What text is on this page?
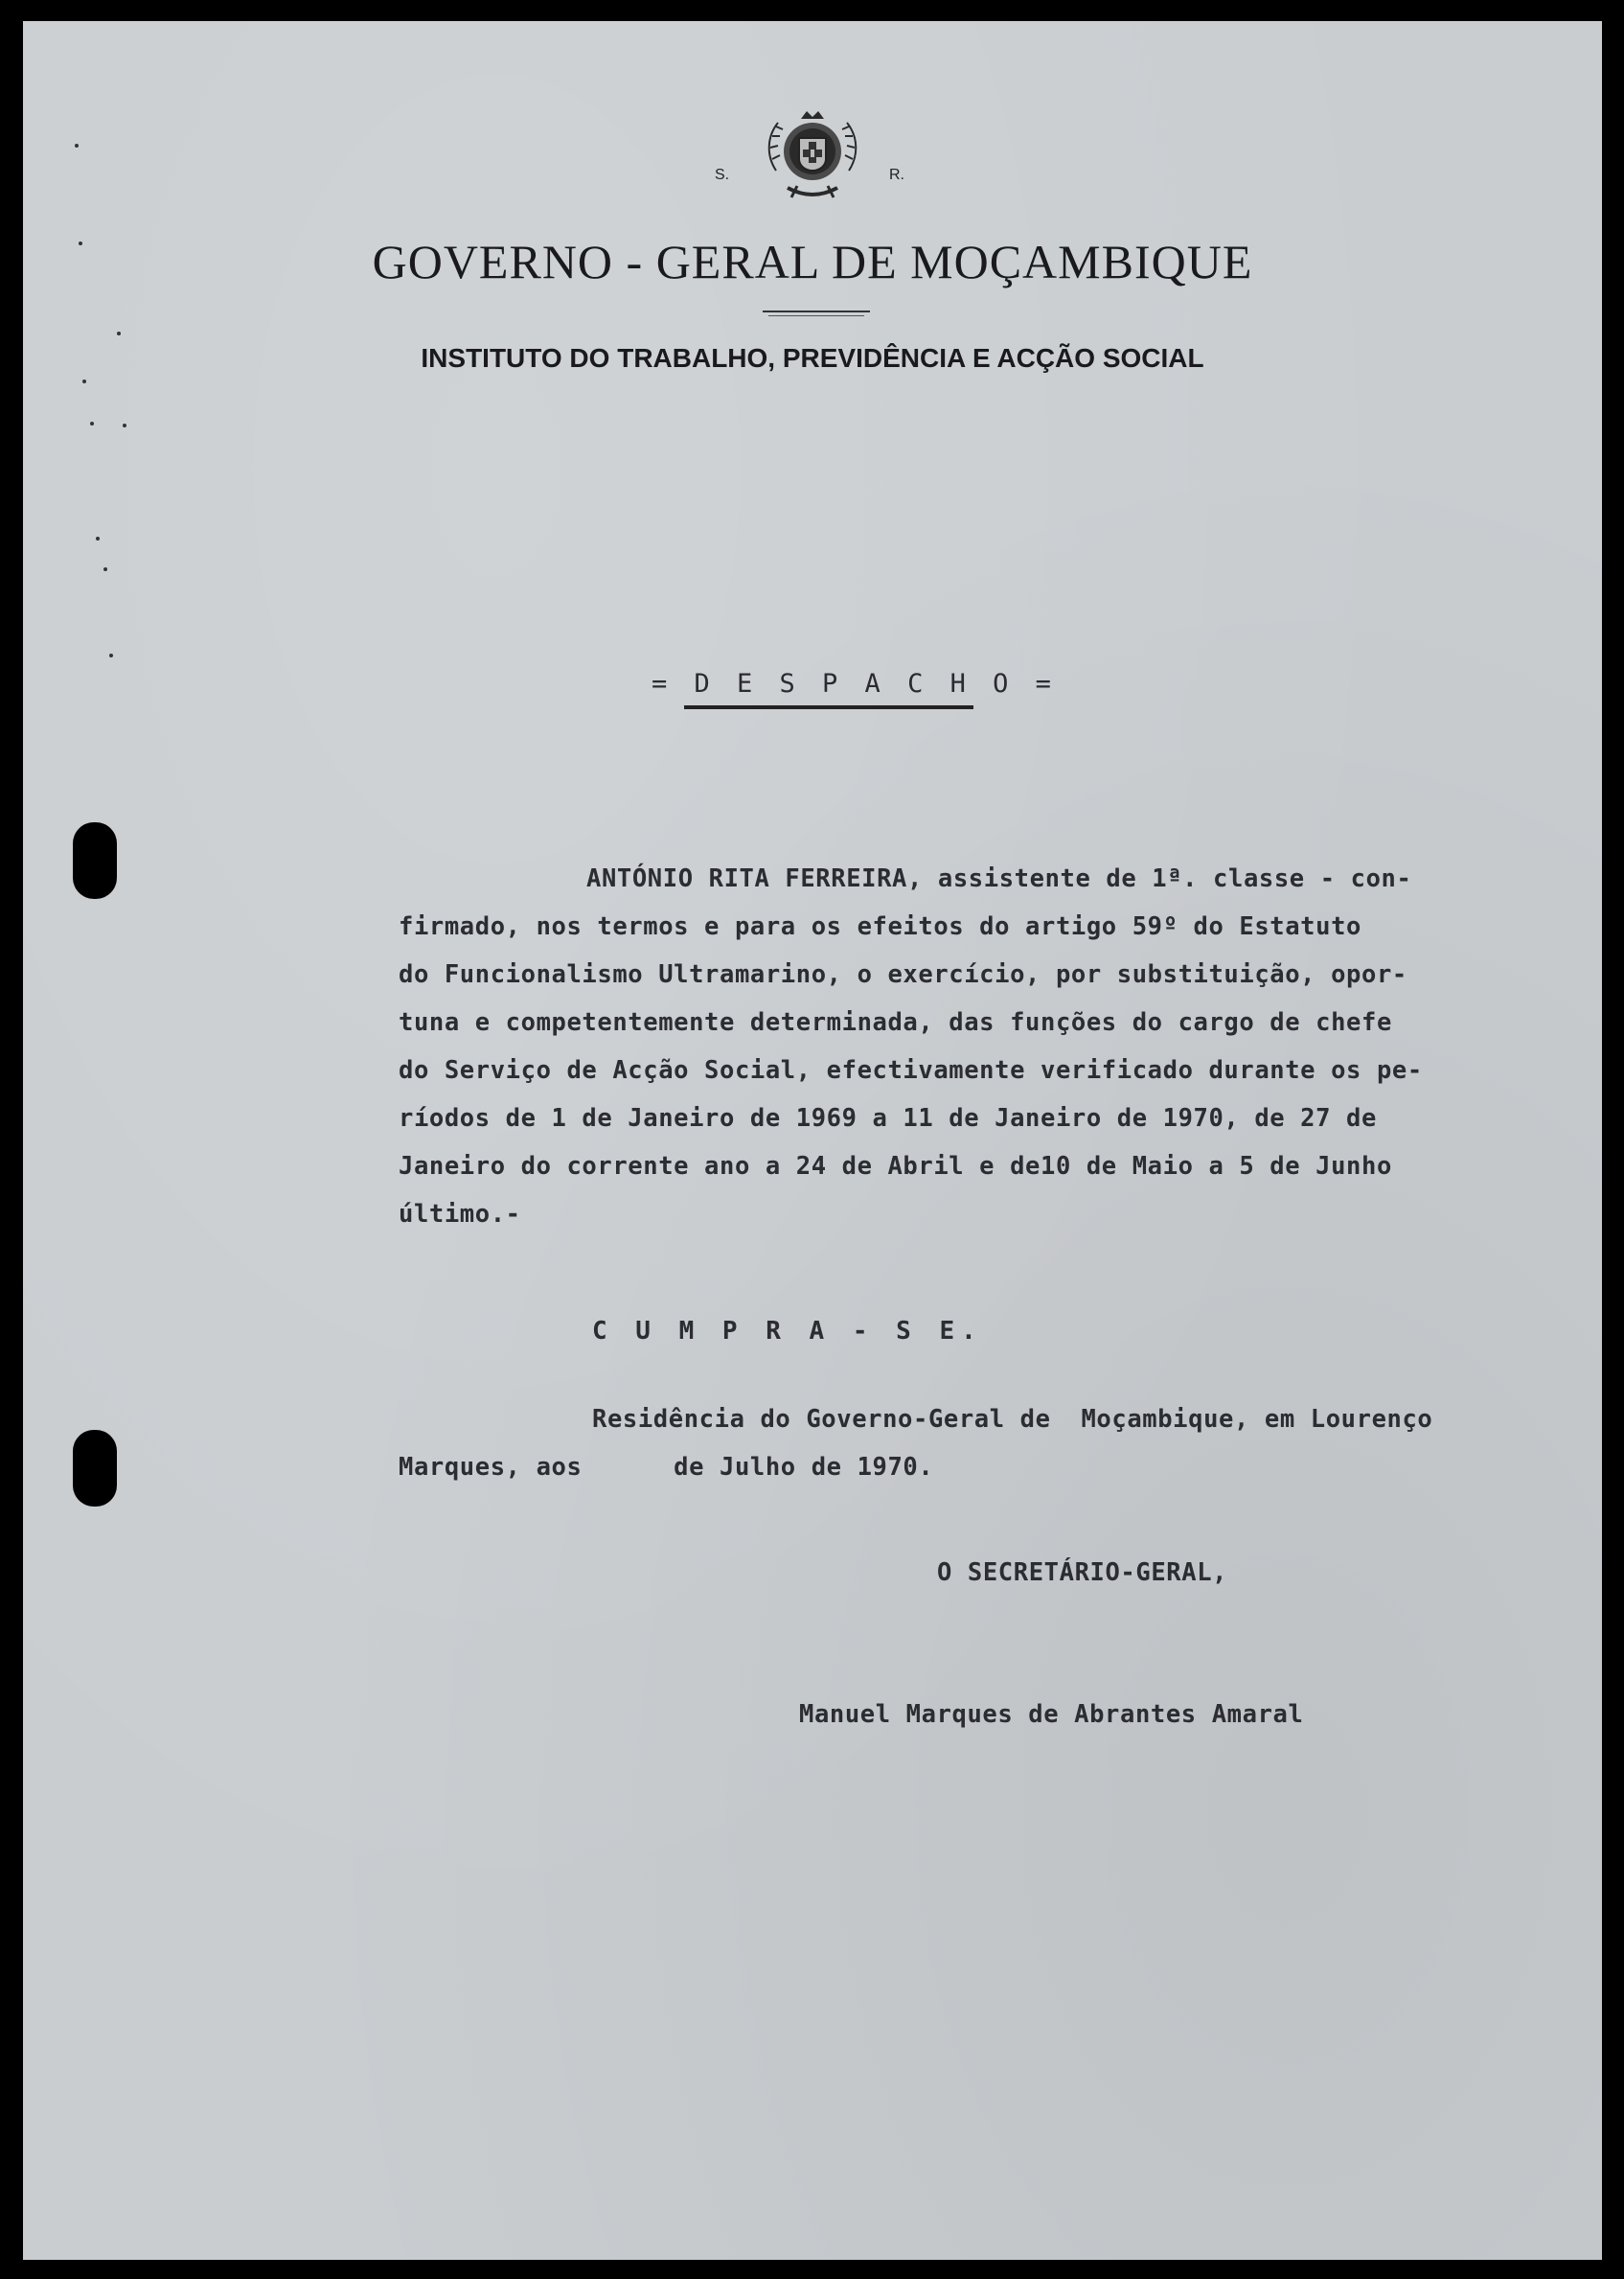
S.	R.
GOVERNO - GERAL DE MOÇAMBIQUE
INSTITUTO DO TRABALHO, PREVIDÊNCIA E ACÇÃO SOCIAL
= D E S P A C H O =
ANTÓNIO RITA FERREIRA, assistente de 1ª. classe - con-
firmado, nos termos e para os efeitos do artigo 59º do Estatuto
do Funcionalismo Ultramarino, o exercício, por substituição, opor-
tuna e competentemente determinada, das funções do cargo de chefe
do Serviço de Acção Social, efectivamente verificado durante os pe-
ríodos de 1 de Janeiro de 1969 a 11 de Janeiro de 1970, de 27 de
Janeiro do corrente ano a 24 de Abril e de10 de Maio a 5 de Junho
último.-
C U M P R A - S E.
Residência do Governo-Geral de  Moçambique, em Lourenço
Marques, aos      de Julho de 1970.
O SECRETÁRIO-GERAL,
Manuel Marques de Abrantes Amaral
